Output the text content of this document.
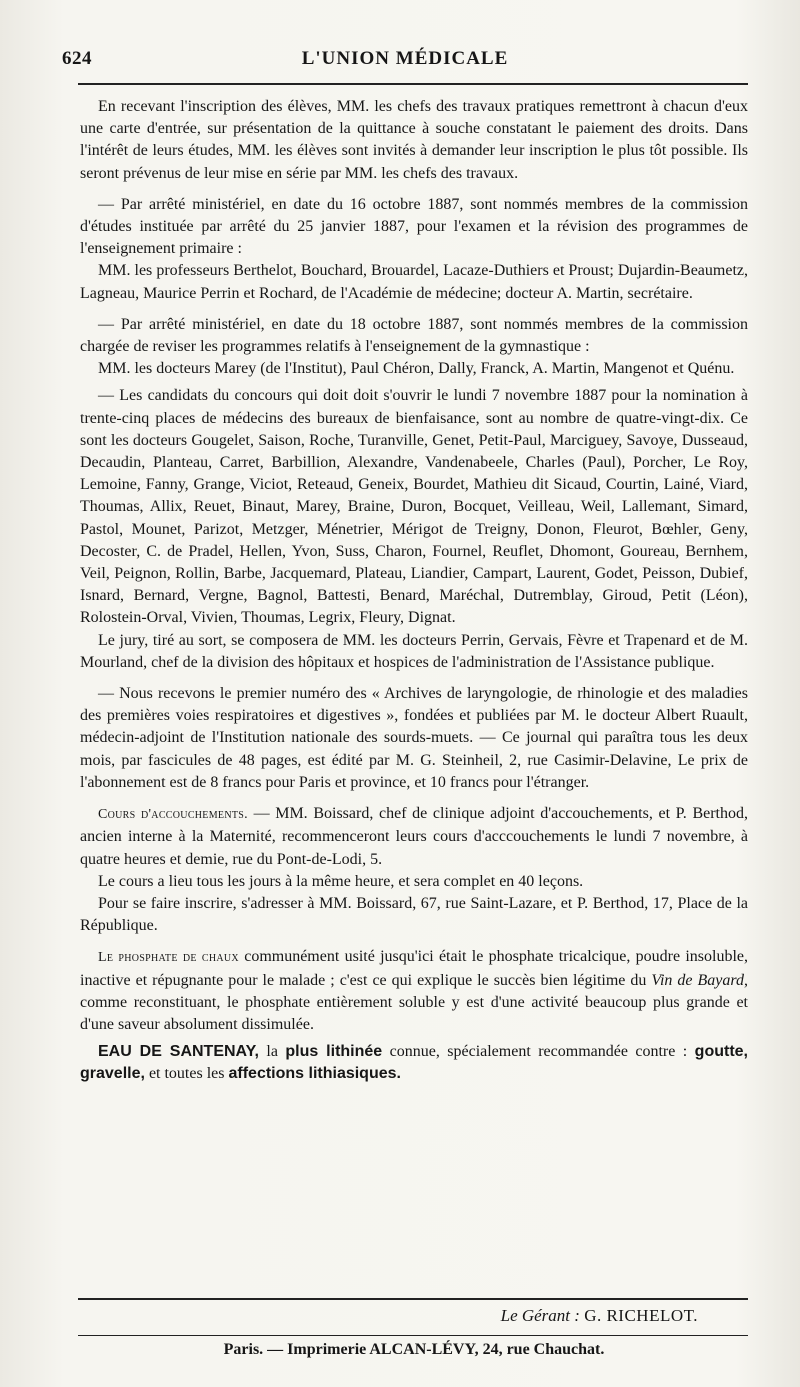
624	L'UNION MÉDICALE

En recevant l'inscription des élèves, MM. les chefs des travaux pratiques remettront à chacun d'eux une carte d'entrée, sur présentation de la quittance à souche constatant le paiement des droits. Dans l'intérêt de leurs études, MM. les élèves sont invités à demander leur inscription le plus tôt possible. Ils seront prévenus de leur mise en série par MM. les chefs des travaux.

— Par arrêté ministériel, en date du 16 octobre 1887, sont nommés membres de la commission d'études instituée par arrêté du 25 janvier 1887, pour l'examen et la révision des programmes de l'enseignement primaire :

MM. les professeurs Berthelot, Bouchard, Brouardel, Lacaze-Duthiers et Proust; Dujardin-Beaumetz, Lagneau, Maurice Perrin et Rochard, de l'Académie de médecine; docteur A. Martin, secrétaire.

— Par arrêté ministériel, en date du 18 octobre 1887, sont nommés membres de la commission chargée de reviser les programmes relatifs à l'enseignement de la gymnastique :

MM. les docteurs Marey (de l'Institut), Paul Chéron, Dally, Franck, A. Martin, Mangenot et Quénu.

— Les candidats du concours qui doit doit s'ouvrir le lundi 7 novembre 1887 pour la nomination à trente-cinq places de médecins des bureaux de bienfaisance, sont au nombre de quatre-vingt-dix. Ce sont les docteurs Gougelet, Saison, Roche, Turanville, Genet, Petit-Paul, Marciguey, Savoye, Dusseaud, Decaudin, Planteau, Carret, Barbillion, Alexandre, Vandenabeele, Charles (Paul), Porcher, Le Roy, Lemoine, Fanny, Grange, Viciot, Reteaud, Geneix, Bourdet, Mathieu dit Sicaud, Courtin, Lainé, Viard, Thoumas, Allix, Reuet, Binaut, Marey, Braine, Duron, Bocquet, Veilleau, Weil, Lallemant, Simard, Pastol, Mounet, Parizot, Metzger, Ménetrier, Mérigot de Treigny, Donon, Fleurot, Bœhler, Geny, Decoster, C. de Pradel, Hellen, Yvon, Suss, Charon, Fournel, Reuflet, Dhomont, Goureau, Bernhem, Veil, Peignon, Rollin, Barbe, Jacquemard, Plateau, Liandier, Campart, Laurent, Godet, Peisson, Dubief, Isnard, Bernard, Vergne, Bagnol, Battesti, Benard, Maréchal, Dutremblay, Giroud, Petit (Léon), Rolostein-Orval, Vivien, Thoumas, Legrix, Fleury, Dignat.

Le jury, tiré au sort, se composera de MM. les docteurs Perrin, Gervais, Fèvre et Trapenard et de M. Mourland, chef de la division des hôpitaux et hospices de l'administration de l'Assistance publique.

— Nous recevons le premier numéro des « Archives de laryngologie, de rhinologie et des maladies des premières voies respiratoires et digestives », fondées et publiées par M. le docteur Albert Ruault, médecin-adjoint de l'Institution nationale des sourds-muets. — Ce journal qui paraîtra tous les deux mois, par fascicules de 48 pages, est édité par M. G. Steinheil, 2, rue Casimir-Delavine, Le prix de l'abonnement est de 8 francs pour Paris et province, et 10 francs pour l'étranger.

Cours d'accouchements. — MM. Boissard, chef de clinique adjoint d'accouchements, et P. Berthod, ancien interne à la Maternité, recommenceront leurs cours d'acccouchements le lundi 7 novembre, à quatre heures et demie, rue du Pont-de-Lodi, 5.

Le cours a lieu tous les jours à la même heure, et sera complet en 40 leçons.

Pour se faire inscrire, s'adresser à MM. Boissard, 67, rue Saint-Lazare, et P. Berthod, 17, Place de la République.

Le phosphate de chaux communément usité jusqu'ici était le phosphate tricalcique, poudre insoluble, inactive et répugnante pour le malade ; c'est ce qui explique le succès bien légitime du Vin de Bayard, comme reconstituant, le phosphate entièrement soluble y est d'une activité beaucoup plus grande et d'une saveur absolument dissimulée.

EAU DE SANTENAY, la plus lithinée connue, spécialement recommandée contre : goutte, gravelle, et toutes les affections lithiasiques.

Le Gérant : G. RICHELOT.
Paris. — Imprimerie ALCAN-LÉVY, 24, rue Chauchat.
